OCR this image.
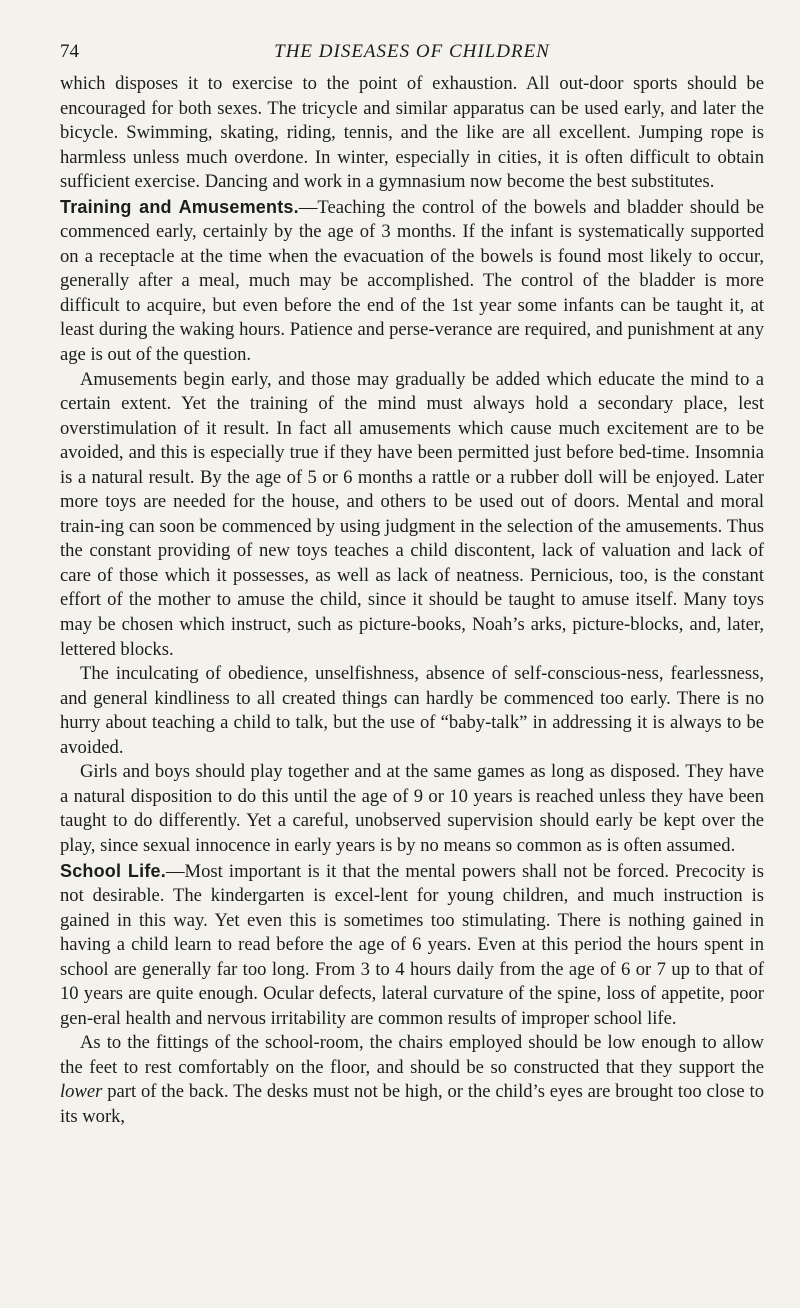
74	THE DISEASES OF CHILDREN

which disposes it to exercise to the point of exhaustion. All out-door sports should be encouraged for both sexes. The tricycle and similar apparatus can be used early, and later the bicycle. Swimming, skating, riding, tennis, and the like are all excellent. Jumping rope is harmless unless much overdone. In winter, especially in cities, it is often difficult to obtain sufficient exercise. Dancing and work in a gymnasium now become the best substitutes.

Training and Amusements.—Teaching the control of the bowels and bladder should be commenced early, certainly by the age of 3 months. If the infant is systematically supported on a receptacle at the time when the evacuation of the bowels is found most likely to occur, generally after a meal, much may be accomplished. The control of the bladder is more difficult to acquire, but even before the end of the 1st year some infants can be taught it, at least during the waking hours. Patience and perse-verance are required, and punishment at any age is out of the question.

Amusements begin early, and those may gradually be added which educate the mind to a certain extent. Yet the training of the mind must always hold a secondary place, lest overstimulation of it result. In fact all amusements which cause much excitement are to be avoided, and this is especially true if they have been permitted just before bed-time. Insomnia is a natural result. By the age of 5 or 6 months a rattle or a rubber doll will be enjoyed. Later more toys are needed for the house, and others to be used out of doors. Mental and moral train-ing can soon be commenced by using judgment in the selection of the amusements. Thus the constant providing of new toys teaches a child discontent, lack of valuation and lack of care of those which it possesses, as well as lack of neatness. Pernicious, too, is the constant effort of the mother to amuse the child, since it should be taught to amuse itself. Many toys may be chosen which instruct, such as picture-books, Noah’s arks, picture-blocks, and, later, lettered blocks.

The inculcating of obedience, unselfishness, absence of self-conscious-ness, fearlessness, and general kindliness to all created things can hardly be commenced too early. There is no hurry about teaching a child to talk, but the use of “baby-talk” in addressing it is always to be avoided.

Girls and boys should play together and at the same games as long as disposed. They have a natural disposition to do this until the age of 9 or 10 years is reached unless they have been taught to do differently. Yet a careful, unobserved supervision should early be kept over the play, since sexual innocence in early years is by no means so common as is often assumed.

School Life.—Most important is it that the mental powers shall not be forced. Precocity is not desirable. The kindergarten is excel-lent for young children, and much instruction is gained in this way. Yet even this is sometimes too stimulating. There is nothing gained in having a child learn to read before the age of 6 years. Even at this period the hours spent in school are generally far too long. From 3 to 4 hours daily from the age of 6 or 7 up to that of 10 years are quite enough. Ocular defects, lateral curvature of the spine, loss of appetite, poor gen-eral health and nervous irritability are common results of improper school life.

As to the fittings of the school-room, the chairs employed should be low enough to allow the feet to rest comfortably on the floor, and should be so constructed that they support the lower part of the back. The desks must not be high, or the child’s eyes are brought too close to its work,
